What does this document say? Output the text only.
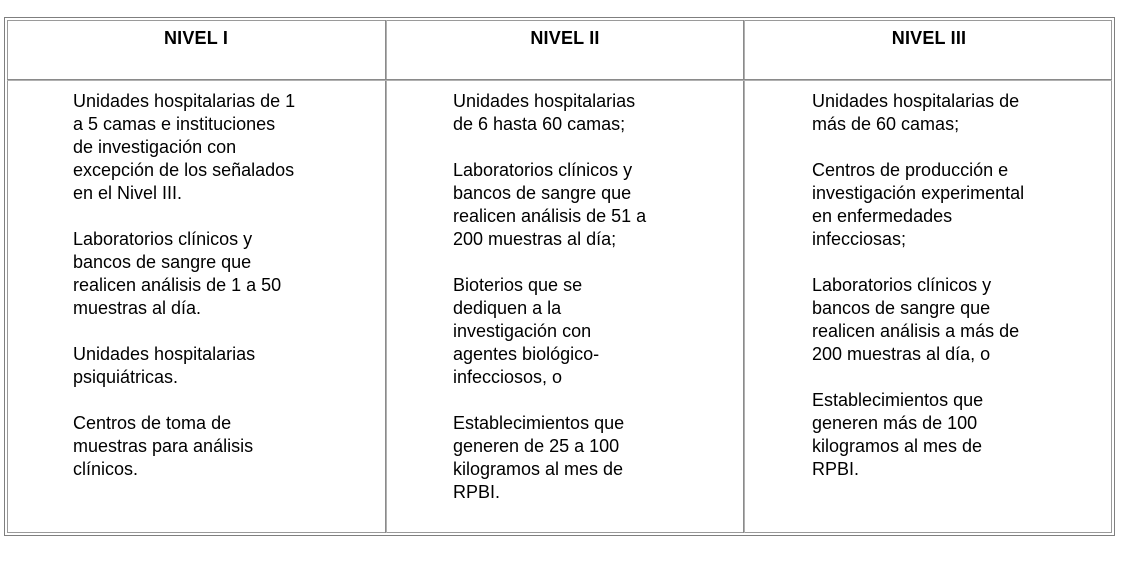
NIVEL I	NIVEL II	NIVEL III
Unidades hospitalarias de 1
a 5 camas e instituciones
de investigación con
excepción de los señalados
en el Nivel III.
Laboratorios clínicos y
bancos de sangre que
realicen análisis de 1 a 50
muestras al día.
Unidades hospitalarias
psiquiátricas.
Centros de toma de
muestras para análisis
clínicos.
Unidades hospitalarias
de 6 hasta 60 camas;
Laboratorios clínicos y
bancos de sangre que
realicen análisis de 51 a
200 muestras al día;
Bioterios que se
dediquen a la
investigación con
agentes biológico-
infecciosos, o
Establecimientos que
generen de 25 a 100
kilogramos al mes de
RPBI.
Unidades hospitalarias de
más de 60 camas;
Centros de producción e
investigación experimental
en enfermedades
infecciosas;
Laboratorios clínicos y
bancos de sangre que
realicen análisis a más de
200 muestras al día, o
Establecimientos que
generen más de 100
kilogramos al mes de
RPBI.
